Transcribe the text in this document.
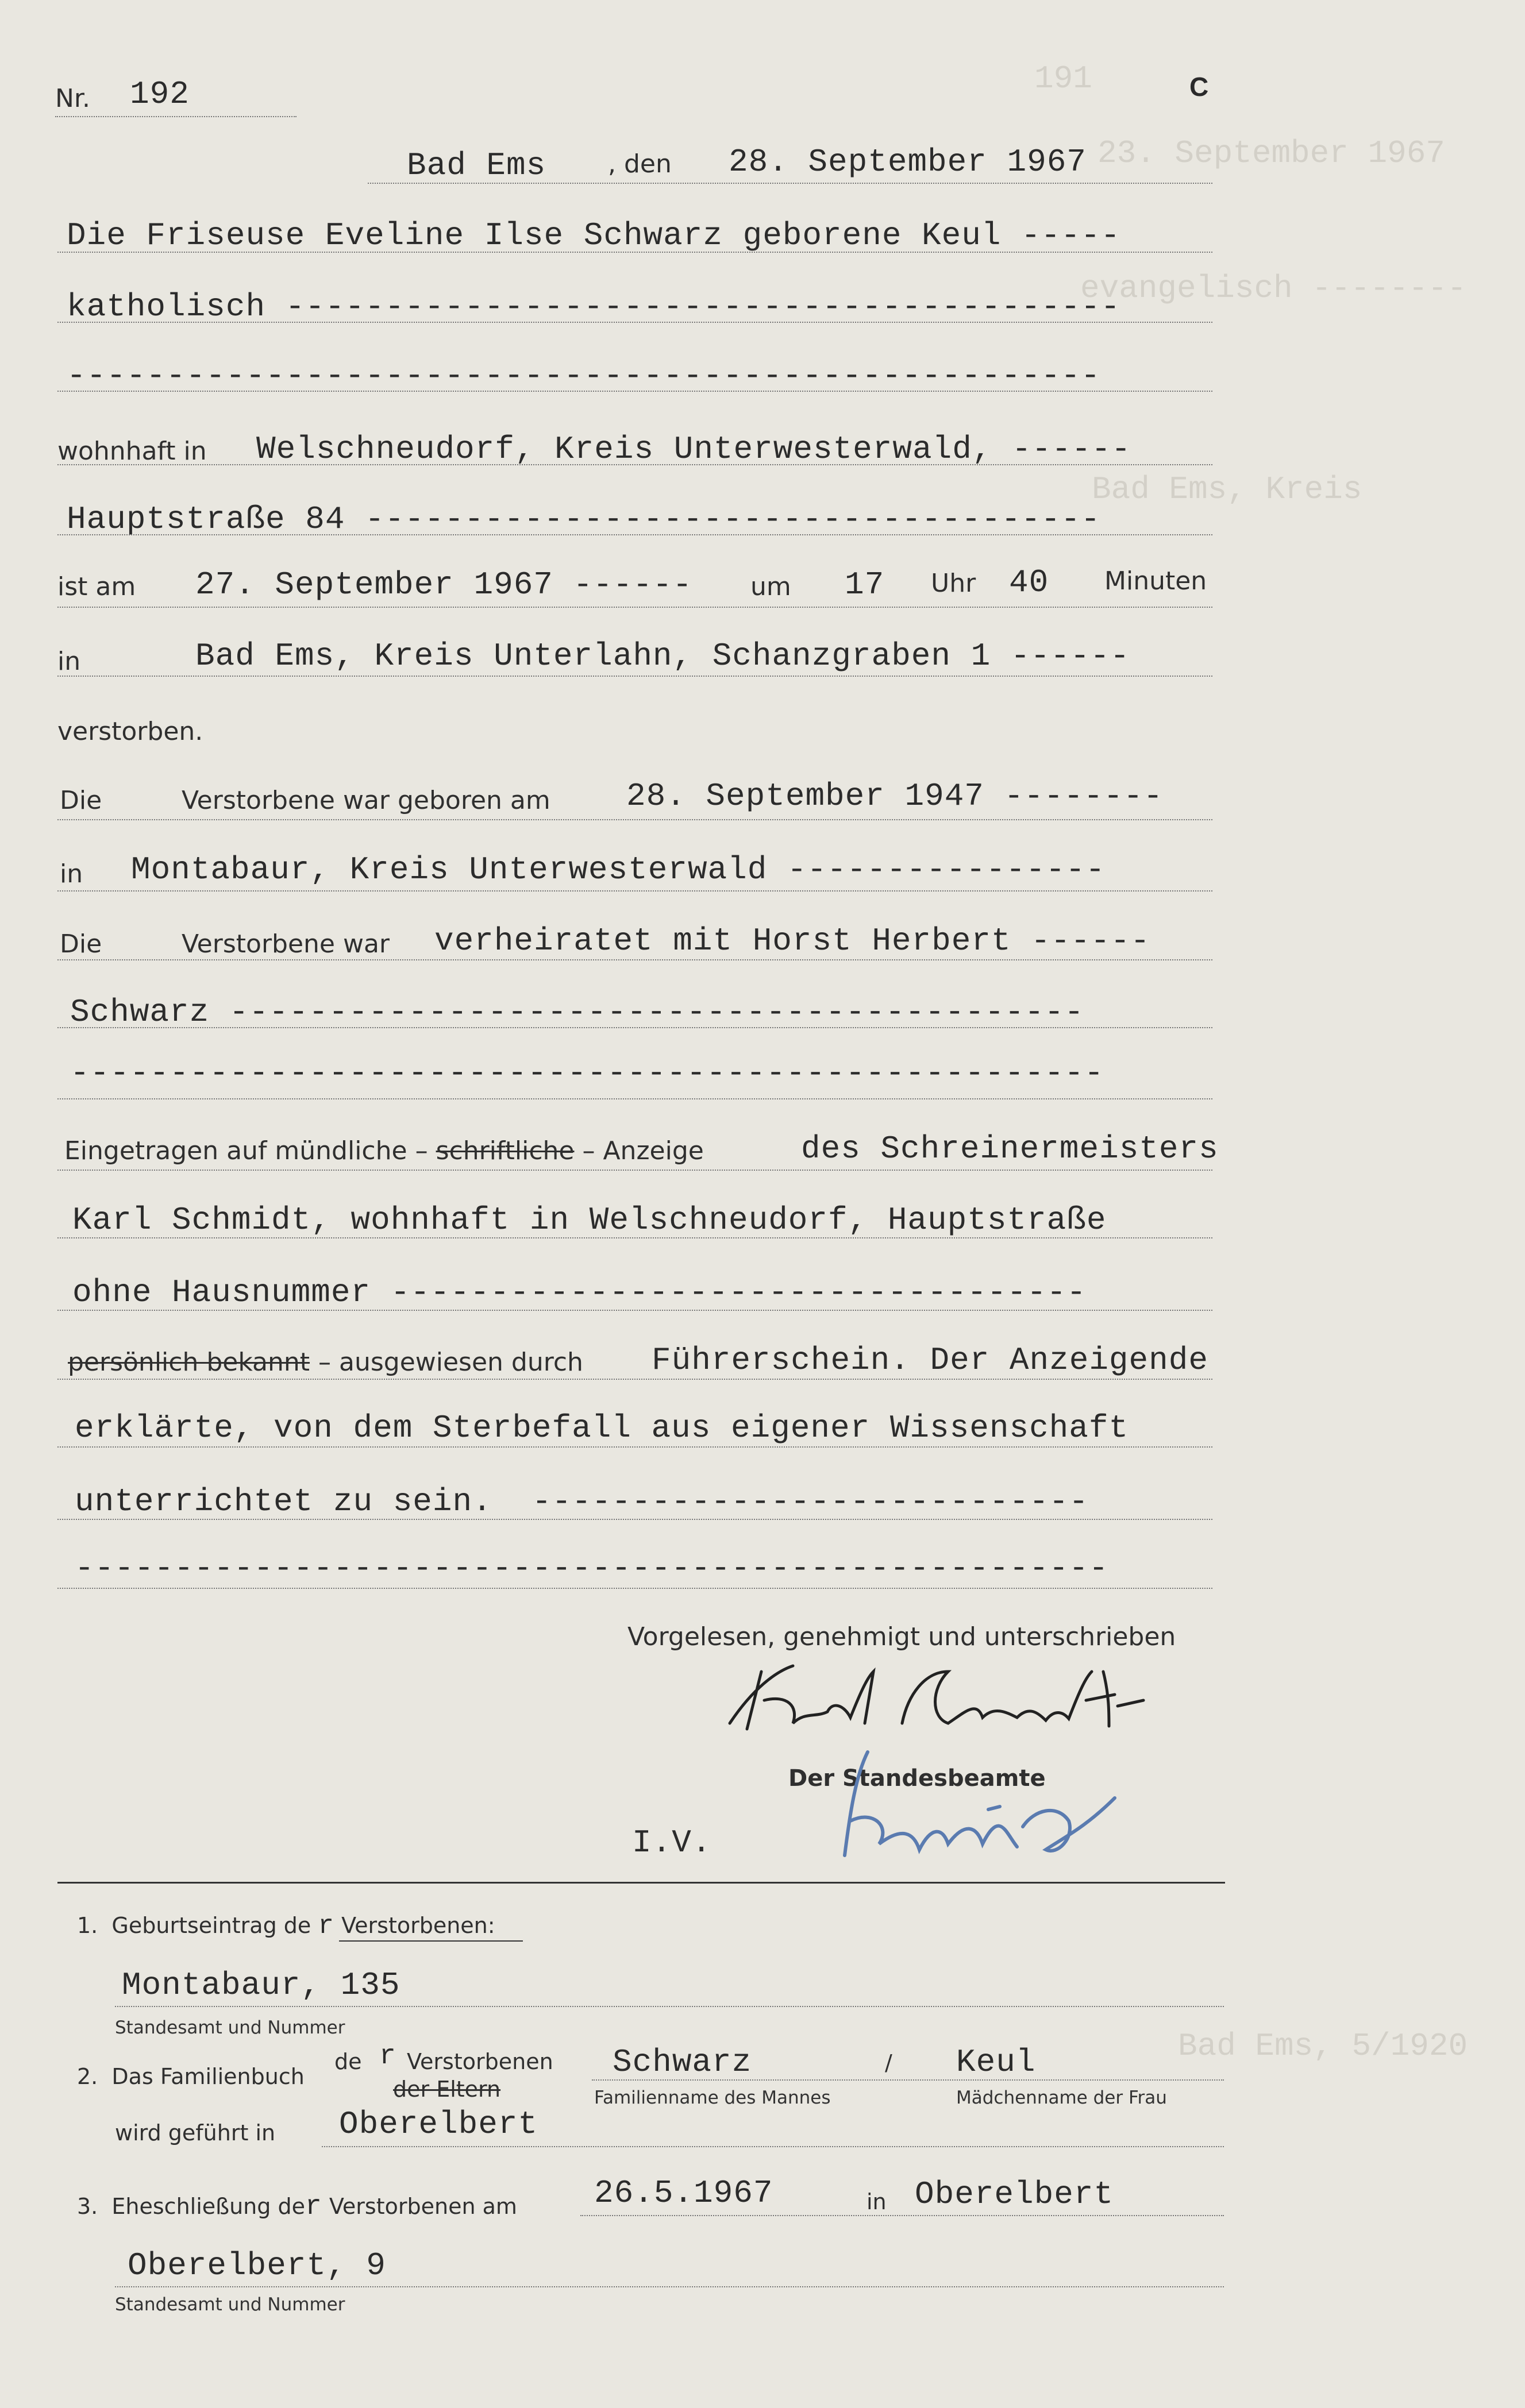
191
23. September 1967
evangelisch --------
Bad Ems, Kreis
Bad Ems, 5/1920
Nr. 192	C
Bad Ems , den 28. September 1967
Die Friseuse Eveline Ilse Schwarz geborene Keul -----
katholisch ------------------------------------------
----------------------------------------------------
wohnhaft in Welschneudorf, Kreis Unterwesterwald, ------
Hauptstraße 84 -------------------------------------
ist am 27. September 1967 ------ um 17 Uhr 40 Minuten
in	Bad Ems, Kreis Unterlahn, Schanzgraben 1 ------
verstorben.
Die	Verstorbene war geboren am 28. September 1947 --------
in Montabaur, Kreis Unterwesterwald ----------------
Die	Verstorbene war verheiratet mit Horst Herbert ------
Schwarz -------------------------------------------
----------------------------------------------------
Eingetragen auf mündliche – schriftliche – Anzeige	des Schreinermeisters
Karl Schmidt, wohnhaft in Welschneudorf, Hauptstraße
ohne Hausnummer -----------------------------------
persönlich bekannt – ausgewiesen durch Führerschein. Der Anzeigende
erklärte, von dem Sterbefall aus eigener Wissenschaft
unterrichtet zu sein.  ----------------------------
----------------------------------------------------
Vorgelesen, genehmigt und unterschrieben
Der Standesbeamte
I.V.
1.  Geburtseintrag de r Verstorbenen:
Montabaur, 135
Standesamt und Nummer
2.  Das Familienbuch
de r Verstorbenen
der Eltern
Schwarz	/ Keul
Familienname des Mannes	Mädchenname der Frau
wird geführt in Oberelbert
3.  Eheschließung der Verstorbenen am 26.5.1967	in Oberelbert
Oberelbert, 9
Standesamt und Nummer
